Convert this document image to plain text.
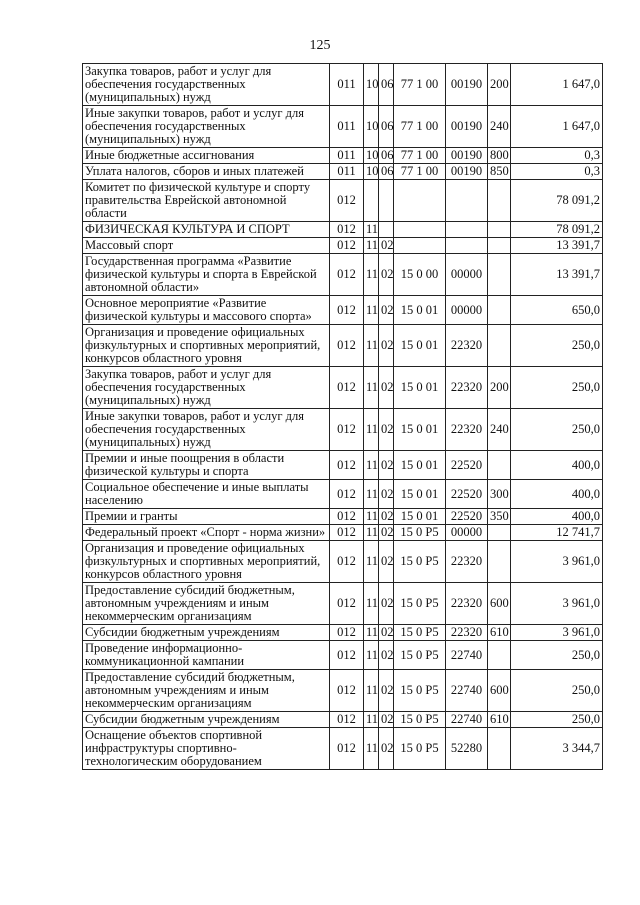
125
Закупка товаров, работ и услуг для обеспечения государственных (муниципальных) нужд	011	10	06	77 1 00	00190	200	1 647,0
Иные закупки товаров, работ и услуг для обеспечения государственных (муниципальных) нужд	011	10	06	77 1 00	00190	240	1 647,0
Иные бюджетные ассигнования	011	10	06	77 1 00	00190	800	0,3
Уплата налогов, сборов и иных платежей	011	10	06	77 1 00	00190	850	0,3
Комитет по физической культуре и спорту правительства Еврейской автономной области	012						78 091,2
ФИЗИЧЕСКАЯ КУЛЬТУРА И СПОРТ	012	11					78 091,2
Массовый спорт	012	11	02				13 391,7
Государственная программа «Развитие физической культуры и спорта в Еврейской автономной области»	012	11	02	15 0 00	00000		13 391,7
Основное мероприятие «Развитие физической культуры и массового спорта»	012	11	02	15 0 01	00000		650,0
Организация и проведение официальных физкультурных и спортивных мероприятий, конкурсов областного уровня	012	11	02	15 0 01	22320		250,0
Закупка товаров, работ и услуг для обеспечения государственных (муниципальных) нужд	012	11	02	15 0 01	22320	200	250,0
Иные закупки товаров, работ и услуг для обеспечения государственных (муниципальных) нужд	012	11	02	15 0 01	22320	240	250,0
Премии и иные поощрения в области физической культуры и спорта	012	11	02	15 0 01	22520		400,0
Социальное обеспечение и иные выплаты населению	012	11	02	15 0 01	22520	300	400,0
Премии и гранты	012	11	02	15 0 01	22520	350	400,0
Федеральный проект «Спорт - норма жизни»	012	11	02	15 0 P5	00000		12 741,7
Организация и проведение официальных физкультурных и спортивных мероприятий, конкурсов областного уровня	012	11	02	15 0 P5	22320		3 961,0
Предоставление субсидий бюджетным, автономным учреждениям и иным некоммерческим организациям	012	11	02	15 0 P5	22320	600	3 961,0
Субсидии бюджетным учреждениям	012	11	02	15 0 P5	22320	610	3 961,0
Проведение информационно-коммуникационной кампании	012	11	02	15 0 P5	22740		250,0
Предоставление субсидий бюджетным, автономным учреждениям и иным некоммерческим организациям	012	11	02	15 0 P5	22740	600	250,0
Субсидии бюджетным учреждениям	012	11	02	15 0 P5	22740	610	250,0
Оснащение объектов спортивной инфраструктуры спортивно-технологическим оборудованием	012	11	02	15 0 P5	52280		3 344,7
